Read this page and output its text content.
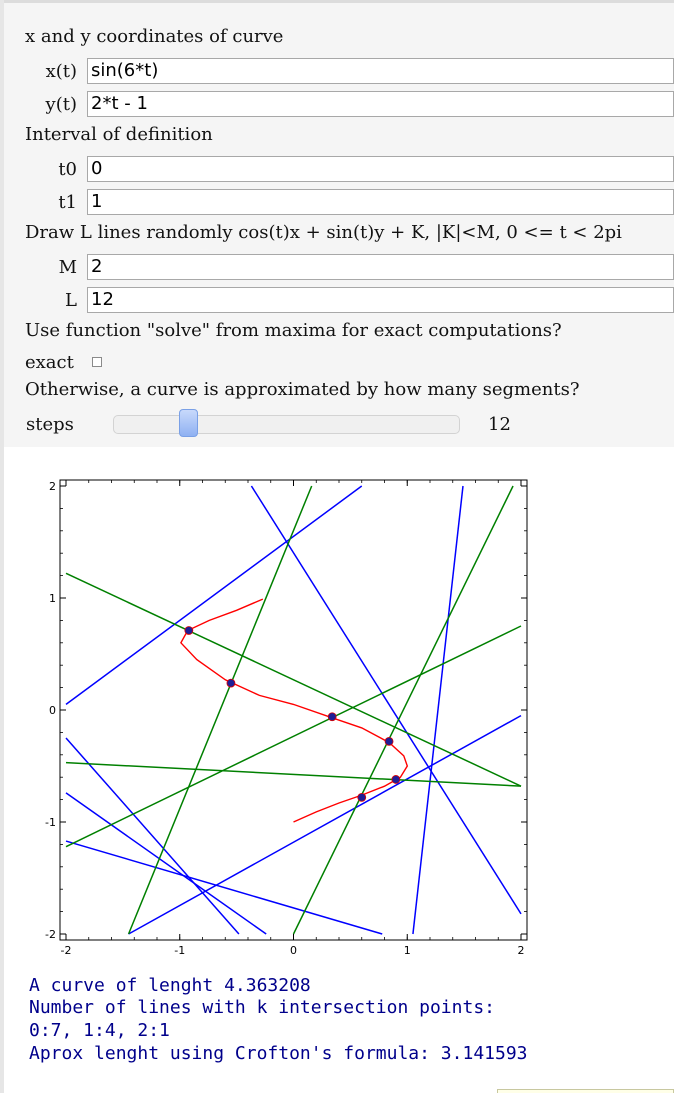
x and y coordinates of curve
x(t) sin(6*t)
y(t) 2*t - 1
Interval of definition
t0 0
t1 1
Draw L lines randomly cos(t)x + sin(t)y + K, |K|<M, 0 <= t < 2pi
M 2
L 12
Use function "solve" from maxima for exact computations?
exact
Otherwise, a curve is approximated by how many segments?
steps	12
-2	-1	0	1	2
2
1
0
-1
-2
A curve of lenght 4.363208
Number of lines with k intersection points:
0:7, 1:4, 2:1
Aprox lenght using Crofton's formula: 3.141593
